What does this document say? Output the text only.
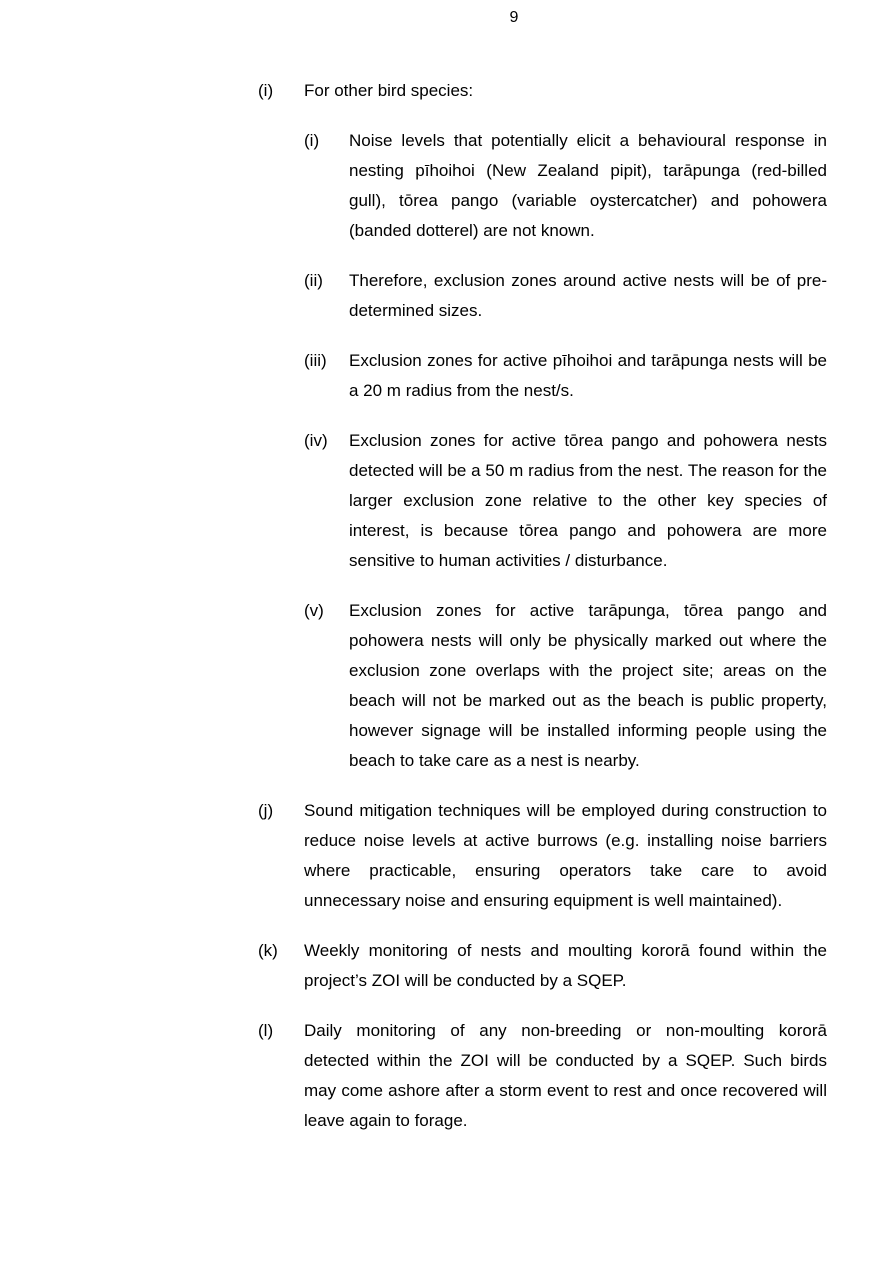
9
(i)	For other bird species:
(i)	Noise levels that potentially elicit a behavioural response in nesting pīhoihoi (New Zealand pipit), tarāpunga (red-billed gull), tōrea pango (variable oystercatcher) and pohowera (banded dotterel) are not known.
(ii)	Therefore, exclusion zones around active nests will be of pre-determined sizes.
(iii)	Exclusion zones for active pīhoihoi and tarāpunga nests will be a 20 m radius from the nest/s.
(iv)	Exclusion zones for active tōrea pango and pohowera nests detected will be a 50 m radius from the nest. The reason for the larger exclusion zone relative to the other key species of interest, is because tōrea pango and pohowera are more sensitive to human activities / disturbance.
(v)	Exclusion zones for active tarāpunga, tōrea pango and pohowera nests will only be physically marked out where the exclusion zone overlaps with the project site; areas on the beach will not be marked out as the beach is public property, however signage will be installed informing people using the beach to take care as a nest is nearby.
(j)	Sound mitigation techniques will be employed during construction to reduce noise levels at active burrows (e.g. installing noise barriers where practicable, ensuring operators take care to avoid unnecessary noise and ensuring equipment is well maintained).
(k)	Weekly monitoring of nests and moulting kororā found within the project’s ZOI will be conducted by a SQEP.
(l)	Daily monitoring of any non-breeding or non-moulting kororā detected within the ZOI will be conducted by a SQEP. Such birds may come ashore after a storm event to rest and once recovered will leave again to forage.
